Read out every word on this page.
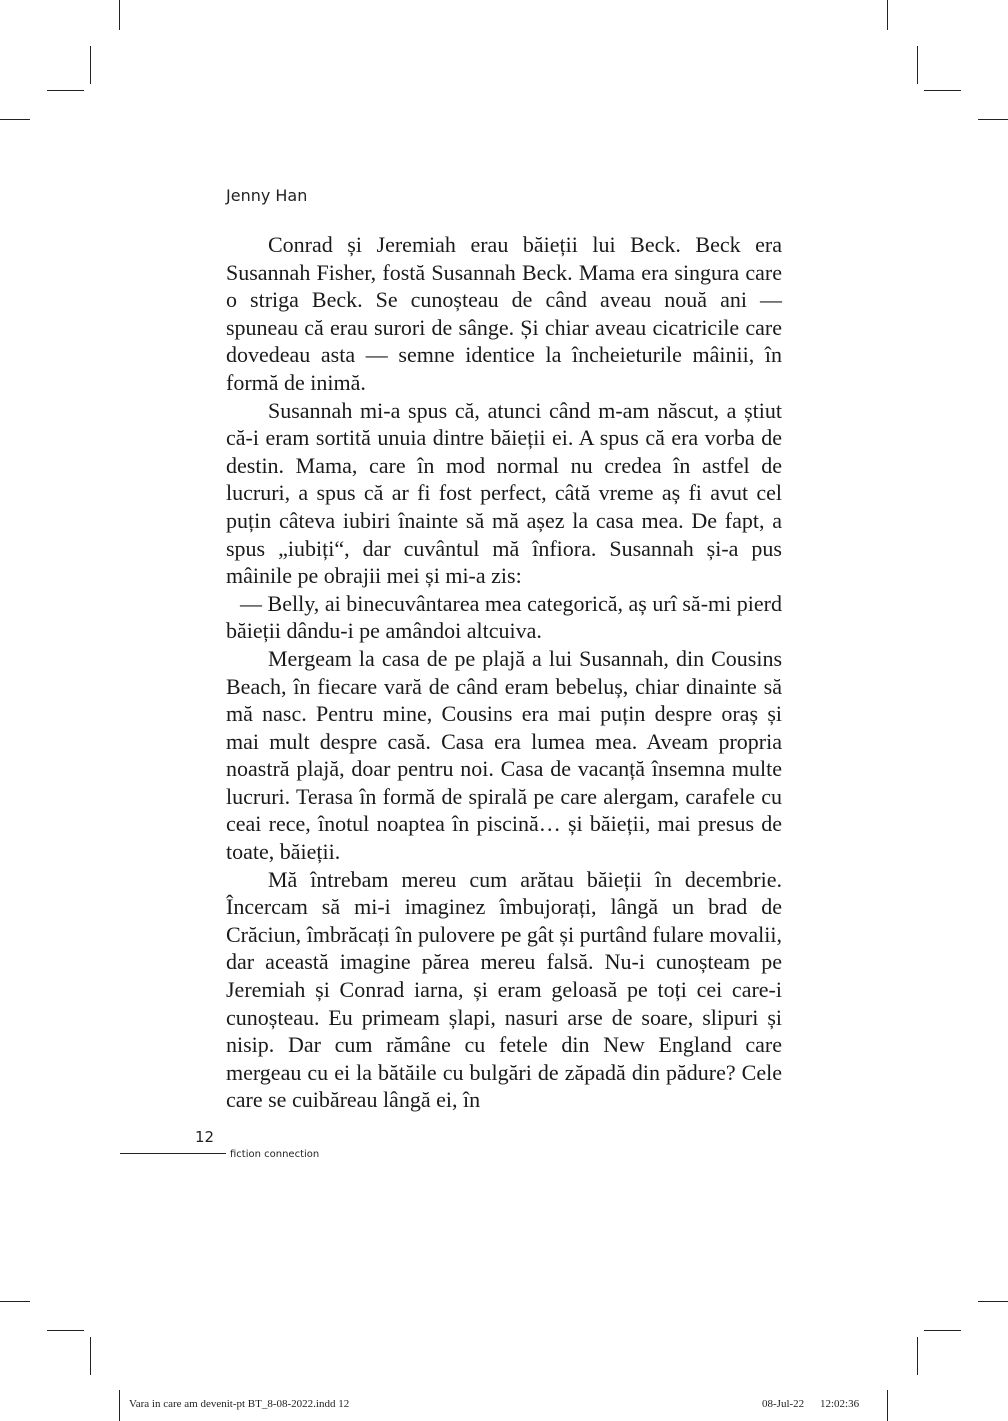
Jenny Han

Conrad și Jeremiah erau băieții lui Beck. Beck era Susannah Fisher, fostă Susannah Beck. Mama era singura care o striga Beck. Se cunoșteau de când aveau nouă ani — spuneau că erau surori de sânge. Și chiar aveau cicatricile care dovedeau asta — semne identice la încheieturile mâinii, în formă de inimă.

Susannah mi-a spus că, atunci când m-am născut, a știut că-i eram sortită unuia dintre băieții ei. A spus că era vorba de destin. Mama, care în mod normal nu credea în astfel de lucruri, a spus că ar fi fost perfect, câtă vreme aș fi avut cel puțin câteva iubiri înainte să mă așez la casa mea. De fapt, a spus „iubiți“, dar cuvântul mă înfiora. Susannah și-a pus mâinile pe obrajii mei și mi-a zis:

— Belly, ai binecuvântarea mea categorică, aș urî să-mi pierd băieții dându-i pe amândoi altcuiva.

Mergeam la casa de pe plajă a lui Susannah, din Cousins Beach, în fiecare vară de când eram bebeluș, chiar dinainte să mă nasc. Pentru mine, Cousins era mai puțin despre oraș și mai mult despre casă. Casa era lumea mea. Aveam propria noastră plajă, doar pentru noi. Casa de vacanță însemna multe lucruri. Terasa în formă de spirală pe care alergam, carafele cu ceai rece, înotul noaptea în piscină… și băieții, mai presus de toate, băieții.

Mă întrebam mereu cum arătau băieții în decembrie. Încercam să mi-i imaginez îmbujorați, lângă un brad de Crăciun, îmbrăcați în pulovere pe gât și purtând fulare movalii, dar această imagine părea mereu falsă. Nu-i cunoșteam pe Jeremiah și Conrad iarna, și eram geloasă pe toți cei care-i cunoșteau. Eu primeam șlapi, nasuri arse de soare, slipuri și nisip. Dar cum rămâne cu fetele din New England care mergeau cu ei la bătăile cu bulgări de zăpadă din pădure? Cele care se cuibăreau lângă ei, în

12
fiction connection
Vara in care am devenit-pt BT_8-08-2022.indd 12	08-Jul-22 12:02:36
